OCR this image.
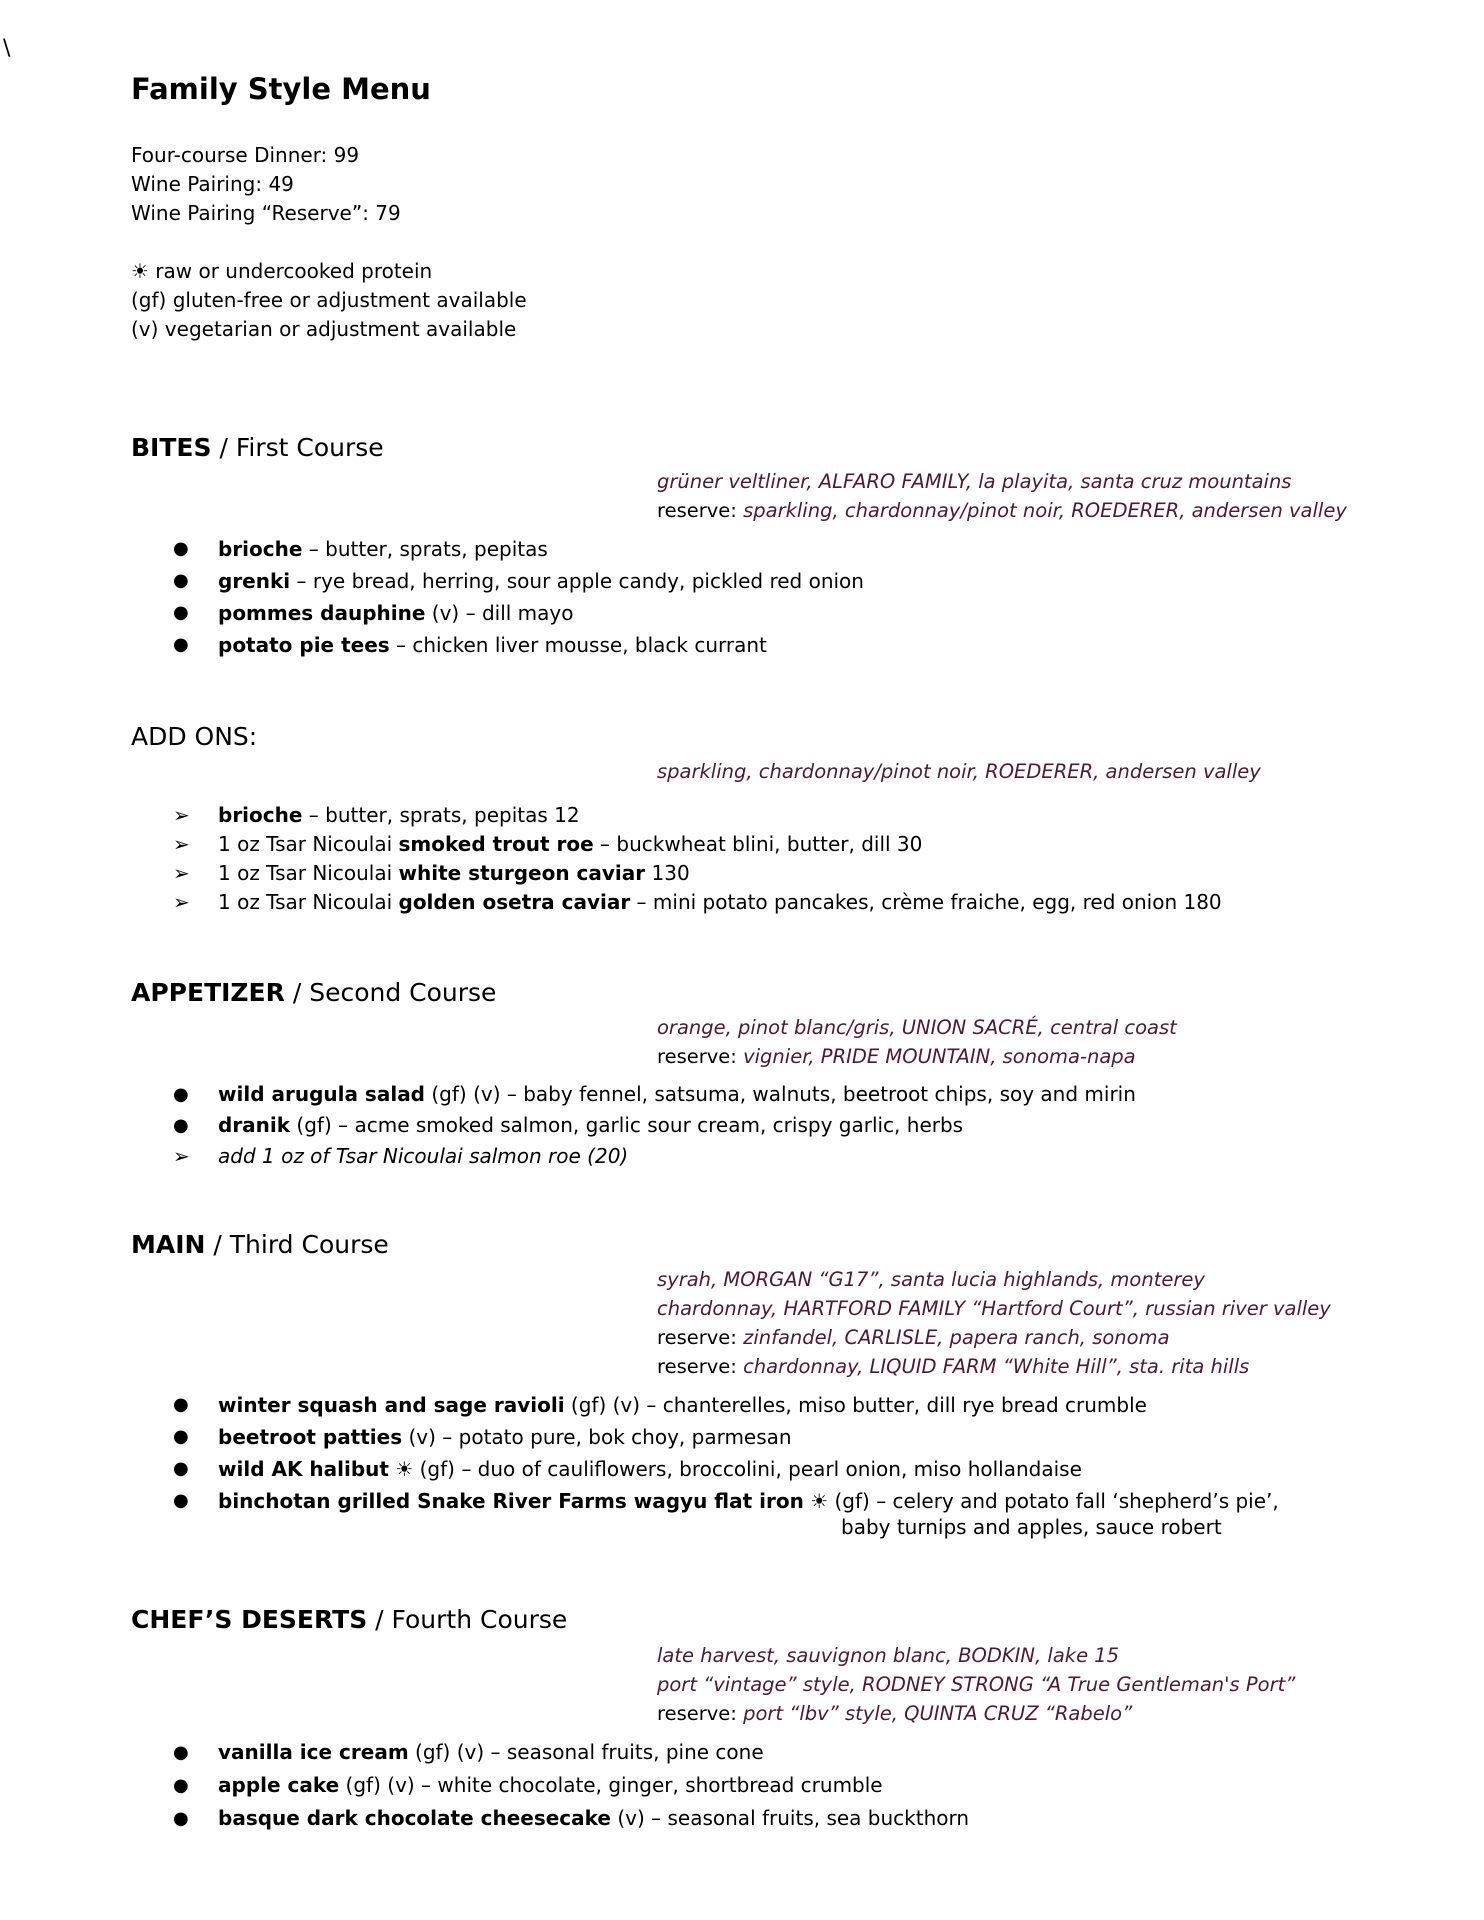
\
Family Style Menu
Four-course Dinner: 99
Wine Pairing: 49
Wine Pairing “Reserve”: 79
☀ raw or undercooked protein
(gf) gluten-free or adjustment available
(v) vegetarian or adjustment available
BITES / First Course
grüner veltliner, ALFARO FAMILY, la playita, santa cruz mountains
reserve: sparkling, chardonnay/pinot noir, ROEDERER, andersen valley
● brioche – butter, sprats, pepitas
● grenki – rye bread, herring, sour apple candy, pickled red onion
● pommes dauphine (v) – dill mayo
● potato pie tees – chicken liver mousse, black currant
ADD ONS:
sparkling, chardonnay/pinot noir, ROEDERER, andersen valley
➢ brioche – butter, sprats, pepitas 12
➢ 1 oz Tsar Nicoulai smoked trout roe – buckwheat blini, butter, dill 30
➢ 1 oz Tsar Nicoulai white sturgeon caviar 130
➢ 1 oz Tsar Nicoulai golden osetra caviar – mini potato pancakes, crème fraiche, egg, red onion 180
APPETIZER / Second Course
orange, pinot blanc/gris, UNION SACRÉ, central coast
reserve: vignier, PRIDE MOUNTAIN, sonoma-napa
● wild arugula salad (gf) (v) – baby fennel, satsuma, walnuts, beetroot chips, soy and mirin
● dranik (gf) – acme smoked salmon, garlic sour cream, crispy garlic, herbs
➢ add 1 oz of Tsar Nicoulai salmon roe (20)
MAIN / Third Course
syrah, MORGAN “G17”, santa lucia highlands, monterey
chardonnay, HARTFORD FAMILY “Hartford Court”, russian river valley
reserve: zinfandel, CARLISLE, papera ranch, sonoma
reserve: chardonnay, LIQUID FARM “White Hill”, sta. rita hills
● winter squash and sage ravioli (gf) (v) – chanterelles, miso butter, dill rye bread crumble
● beetroot patties (v) – potato pure, bok choy, parmesan
● wild AK halibut ☀ (gf) – duo of cauliflowers, broccolini, pearl onion, miso hollandaise
● binchotan grilled Snake River Farms wagyu flat iron ☀ (gf) – celery and potato fall ‘shepherd’s pie’,
baby turnips and apples, sauce robert
CHEF’S DESERTS / Fourth Course
late harvest, sauvignon blanc, BODKIN, lake 15
port “vintage” style, RODNEY STRONG “A True Gentleman's Port”
reserve: port “lbv” style, QUINTA CRUZ “Rabelo”
● vanilla ice cream (gf) (v) – seasonal fruits, pine cone
● apple cake (gf) (v) – white chocolate, ginger, shortbread crumble
● basque dark chocolate cheesecake (v) – seasonal fruits, sea buckthorn
